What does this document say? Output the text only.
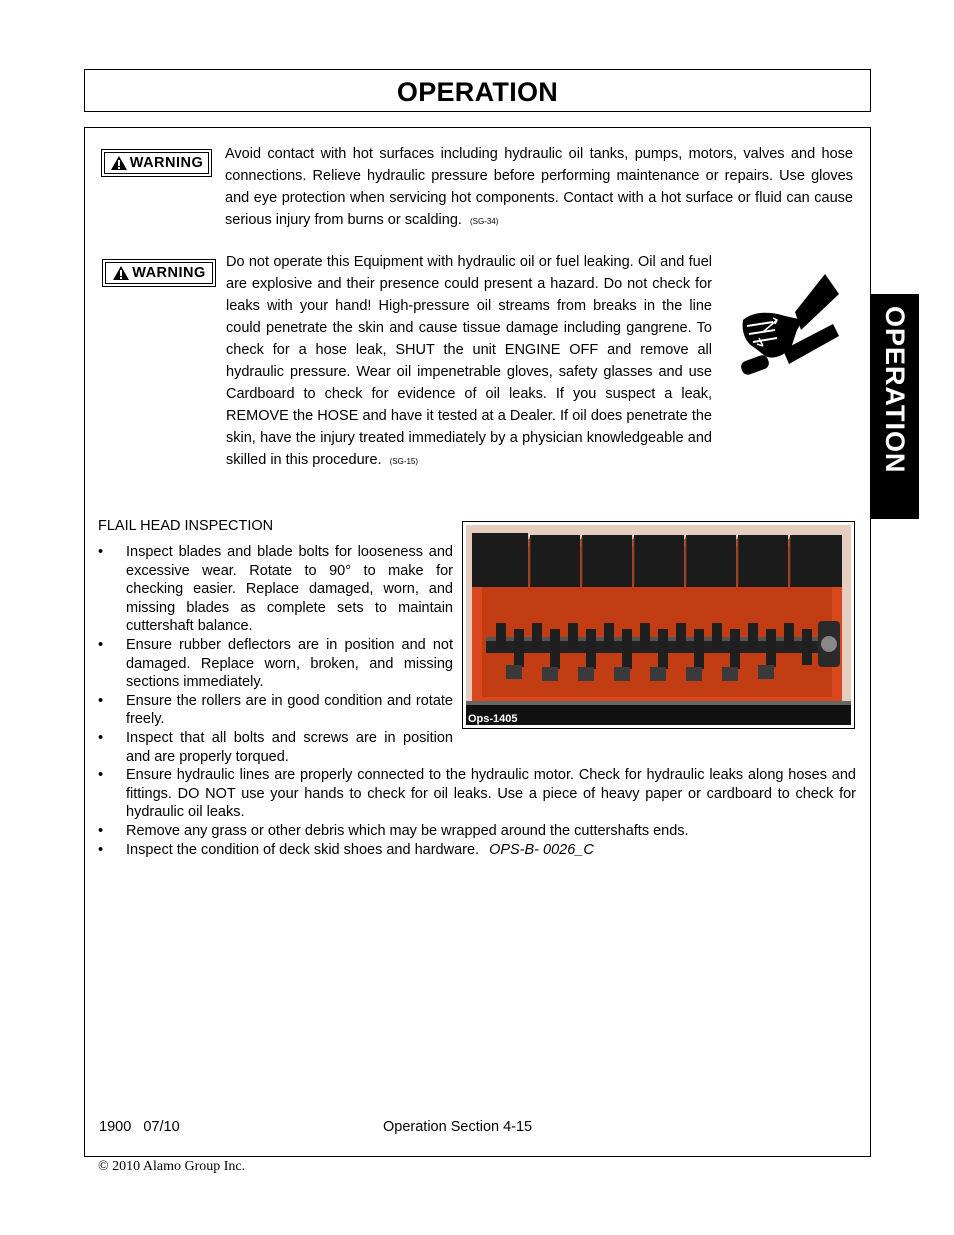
OPERATION
OPERATION
WARNING
Avoid contact with hot surfaces including hydraulic oil tanks, pumps, motors, valves and hose connections. Relieve hydraulic pressure before performing maintenance or repairs. Use gloves and eye protection when servicing hot components. Contact with a hot surface or fluid can cause serious injury from burns or scalding. (SG-34)
WARNING
Do not operate this Equipment with hydraulic oil or fuel leaking. Oil and fuel are explosive and their presence could present a hazard. Do not check for leaks with your hand! High-pressure oil streams from breaks in the line could penetrate the skin and cause tissue damage including gangrene. To check for a hose leak, SHUT the unit ENGINE OFF and remove all hydraulic pressure. Wear oil impenetrable gloves, safety glasses and use Cardboard to check for evidence of oil leaks. If you suspect a leak, REMOVE the HOSE and have it tested at a Dealer. If oil does penetrate the skin, have the injury treated immediately by a physician knowledgeable and skilled in this procedure. (SG-15)
FLAIL HEAD INSPECTION
• Inspect blades and blade bolts for looseness and excessive wear. Rotate to 90° to make for checking easier. Replace damaged, worn, and missing blades as complete sets to maintain cuttershaft balance.
• Ensure rubber deflectors are in position and not damaged. Replace worn, broken, and missing sections immediately.
• Ensure the rollers are in good condition and rotate freely.
• Inspect that all bolts and screws are in position and are properly torqued.
• Ensure hydraulic lines are properly connected to the hydraulic motor. Check for hydraulic leaks along hoses and fittings. DO NOT use your hands to check for oil leaks. Use a piece of heavy paper or cardboard to check for hydraulic oil leaks.
• Remove any grass or other debris which may be wrapped around the cuttershafts ends.
• Inspect the condition of deck skid shoes and hardware. OPS-B- 0026_C
Ops-1405
1900   07/10	Operation Section 4-15
© 2010 Alamo Group Inc.
